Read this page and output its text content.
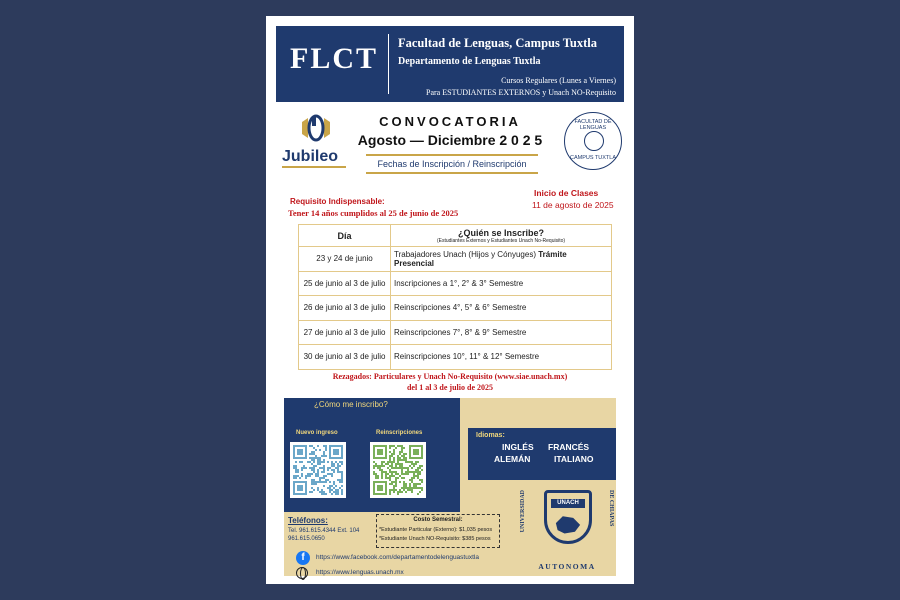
FLCT Facultad de Lenguas, Campus Tuxtla
Departamento de Lenguas Tuxtla
Cursos Regulares (Lunes a Viernes)
Para ESTUDIANTES EXTERNOS y Unach NO-Requisito
Jubileo
CONVOCATORIA
Agosto — Diciembre 2 0 2 5
Fechas de Inscripción / Reinscripción
FACULTAD DE LENGUAS
CAMPUS TUXTLA
Requisito Indispensable:
Tener 14 años cumplidos al 25 de junio de 2025
Inicio de Clases
11 de agosto de 2025
Día	¿Quién se Inscribe?
(Estudiantes Externos y Estudiantes Unach No-Requisito)

23 y 24 de junio	Trabajadores Unach (Hijos y Cónyuges) Trámite Presencial
25 de junio al 3 de julio	Inscripciones a 1°, 2° & 3° Semestre
26 de junio al 3 de julio	Reinscripciones 4°, 5° & 6° Semestre
27 de junio al 3 de julio	Reinscripciones 7°, 8° & 9° Semestre
30 de junio al 3 de julio	Reinscripciones 10°, 11° & 12° Semestre
Rezagados: Particulares y Unach No-Requisito (www.siae.unach.mx)
del 1 al 3 de julio de 2025
¿Cómo me inscribo?
Nuevo ingreso	Reinscripciones	Idiomas:
INGLÉS FRANCÉS
ALEMÁN	ITALIANO
UNIVERSIDAD	DE CHIAPAS
UNACH
AUTONOMA
Teléfonos:
Tel. 961.615.4344 Ext. 104
961.615.0650
Costo Semestral:
*Estudiante Particular (Externo): $1,035 pesos
*Estudiante Unach NO-Requisito: $385 pesos
f	https://www.facebook.com/departamentodelenguastuxtla
https://www.lenguas.unach.mx
